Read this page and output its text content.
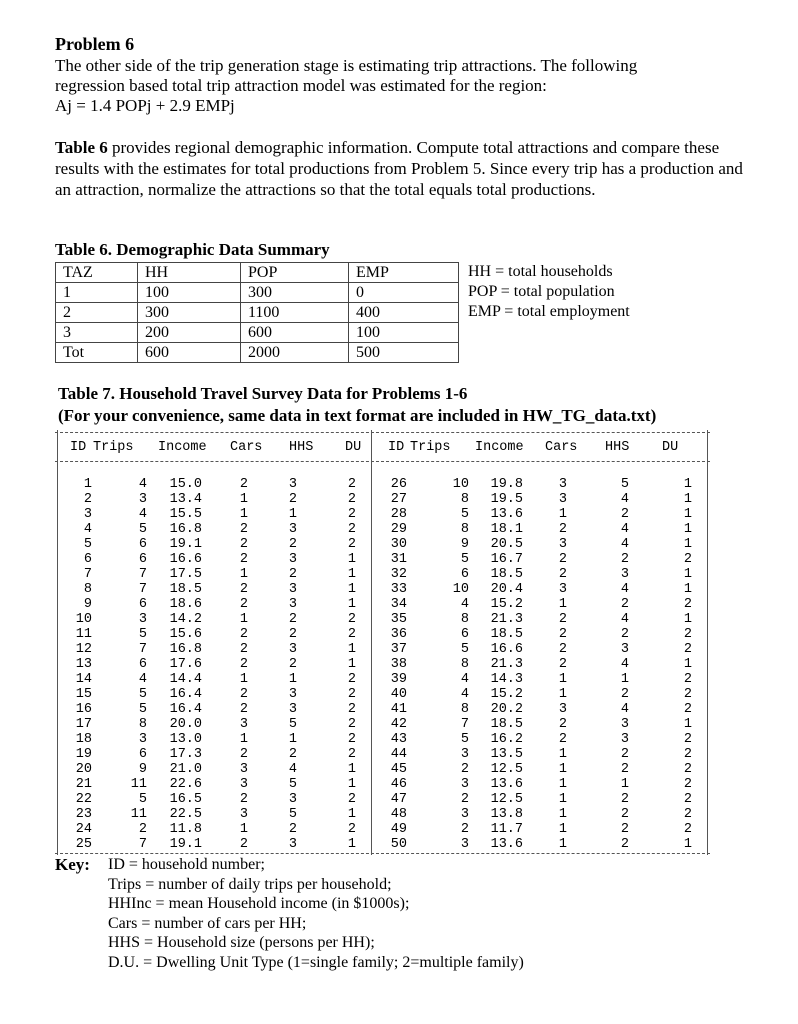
Problem 6
The other side of the trip generation stage is estimating trip attractions. The following
regression based total trip attraction model was estimated for the region:
Aj = 1.4 POPj + 2.9 EMPj
Table 6 provides regional demographic information. Compute total attractions and compare these results with the estimates for total productions from Problem 5. Since every trip has a production and an attraction, normalize the attractions so that the total equals total productions.
Table 6. Demographic Data Summary
TAZ	HH	POP	EMP
1	100	300	0
2	300	1100	400
3	200	600	100
Tot	600	2000	500
HH = total households
POP = total population
EMP = total employment
Table 7. Household Travel Survey Data for Problems 1-6
(For your convenience, same data in text format are included in HW_TG_data.txt)
ID Trips Income Cars HHS DU ID Trips Income Cars HHS DU
1	4 15.0	2	3	2
2	3 13.4	1	2	2
3	4 15.5	1	1	2
4	5 16.8	2	3	2
5	6 19.1	2	2	2
6	6 16.6	2	3	1
7	7 17.5	1	2	1
8	7 18.5	2	3	1
9	6 18.6	2	3	1
10	3 14.2	1	2	2
11	5 15.6	2	2	2
12	7 16.8	2	3	1
13	6 17.6	2	2	1
14	4 14.4	1	1	2
15	5 16.4	2	3	2
16	5 16.4	2	3	2
17	8 20.0	3	5	2
18	3 13.0	1	1	2
19	6 17.3	2	2	2
20	9 21.0	3	4	1
21	11 22.6	3	5	1
22	5 16.5	2	3	2
23	11 22.5	3	5	1
24	2 11.8	1	2	2
25	7 19.1	2	3	1
26	10 19.8	3	5	1
27	8 19.5	3	4	1
28	5 13.6	1	2	1
29	8 18.1	2	4	1
30	9 20.5	3	4	1
31	5 16.7	2	2	2
32	6 18.5	2	3	1
33	10 20.4	3	4	1
34	4 15.2	1	2	2
35	8 21.3	2	4	1
36	6 18.5	2	2	2
37	5 16.6	2	3	2
38	8 21.3	2	4	1
39	4 14.3	1	1	2
40	4 15.2	1	2	2
41	8 20.2	3	4	2
42	7 18.5	2	3	1
43	5 16.2	2	3	2
44	3 13.5	1	2	2
45	2 12.5	1	2	2
46	3 13.6	1	1	2
47	2 12.5	1	2	2
48	3 13.8	1	2	2
49	2 11.7	1	2	2
50	3 13.6	1	2	1
Key: ID = household number;
Trips = number of daily trips per household;
HHInc = mean Household income (in $1000s);
Cars = number of cars per HH;
HHS = Household size (persons per HH);
D.U. = Dwelling Unit Type (1=single family; 2=multiple family)
